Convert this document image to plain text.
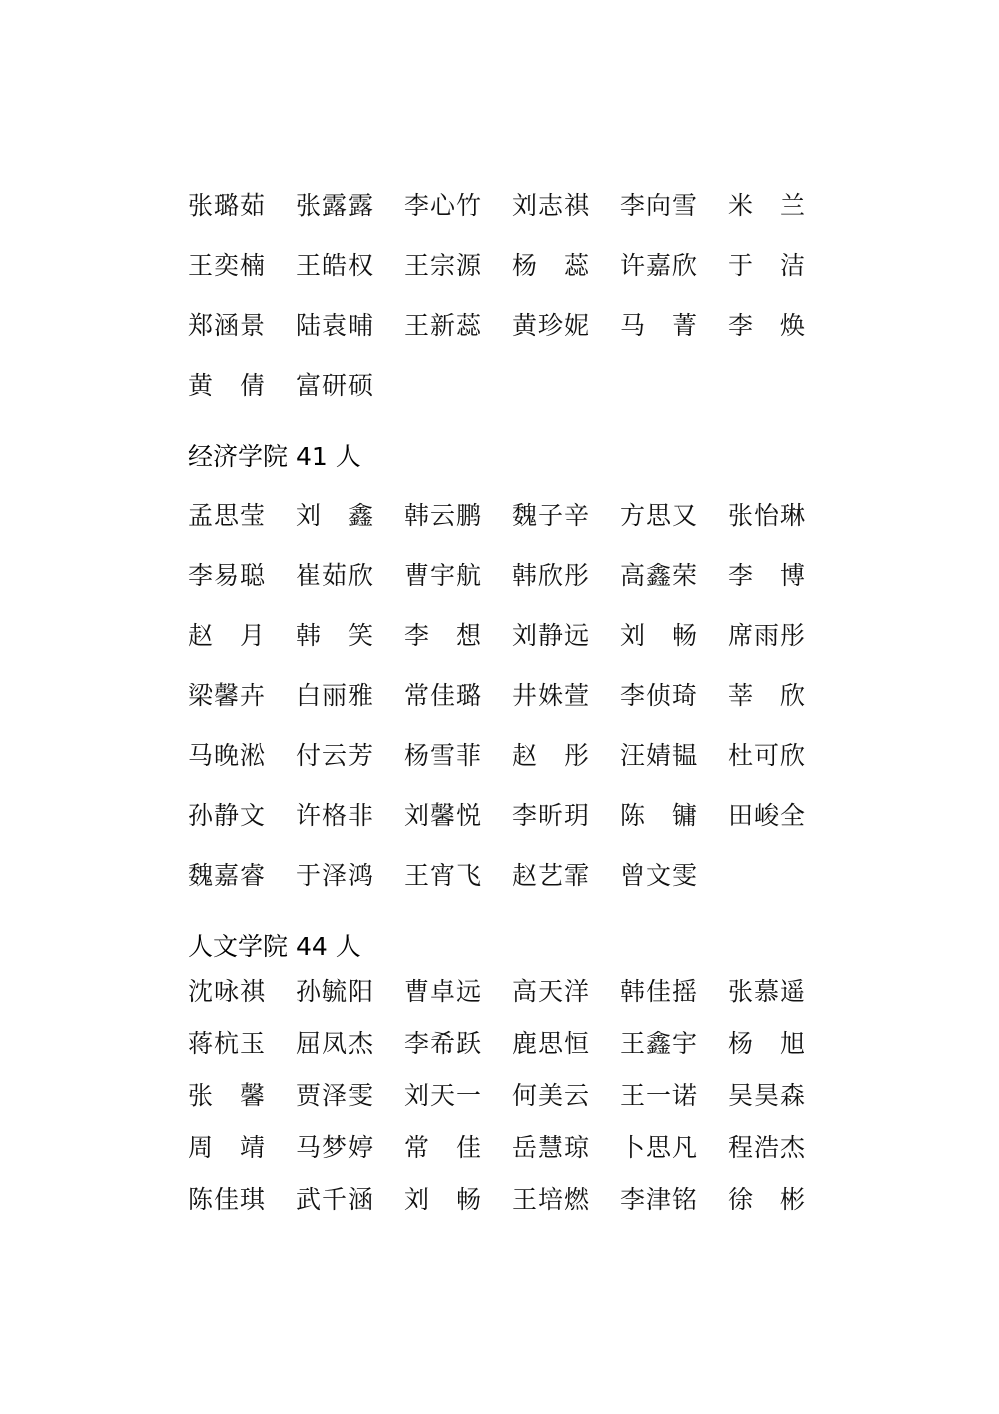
张璐茹	张露露	李心竹	刘志祺	李向雪	米　兰
王奕楠	王皓权	王宗源	杨　蕊	许嘉欣	于　洁
郑涵景	陆袁晡	王新蕊	黄珍妮	马　菁	李　焕
黄　倩	富研硕
经济学院 41 人
孟思莹	刘　鑫	韩云鹏	魏子辛	方思又	张怡琳
李易聪	崔茹欣	曹宇航	韩欣彤	高鑫荣	李　博
赵　月	韩　笑	李　想	刘静远	刘　畅	席雨彤
梁馨卉	白丽雅	常佳璐	井姝萱	李侦琦	莘　欣
马晚淞	付云芳	杨雪菲	赵　彤	汪婧韫	杜可欣
孙静文	许格非	刘馨悦	李昕玥	陈　镛	田峻全
魏嘉睿	于泽鸿	王宵飞	赵艺霏	曾文雯
人文学院 44 人
沈咏祺	孙毓阳	曹卓远	高天洋	韩佳摇	张慕遥
蒋杭玉	屈凤杰	李希跃	鹿思恒	王鑫宇	杨　旭
张　馨	贾泽雯	刘天一	何美云	王一诺	吴昊森
周　靖	马梦婷	常　佳	岳慧琼	卜思凡	程浩杰
陈佳琪	武千涵	刘　畅	王培燃	李津铭	徐　彬
